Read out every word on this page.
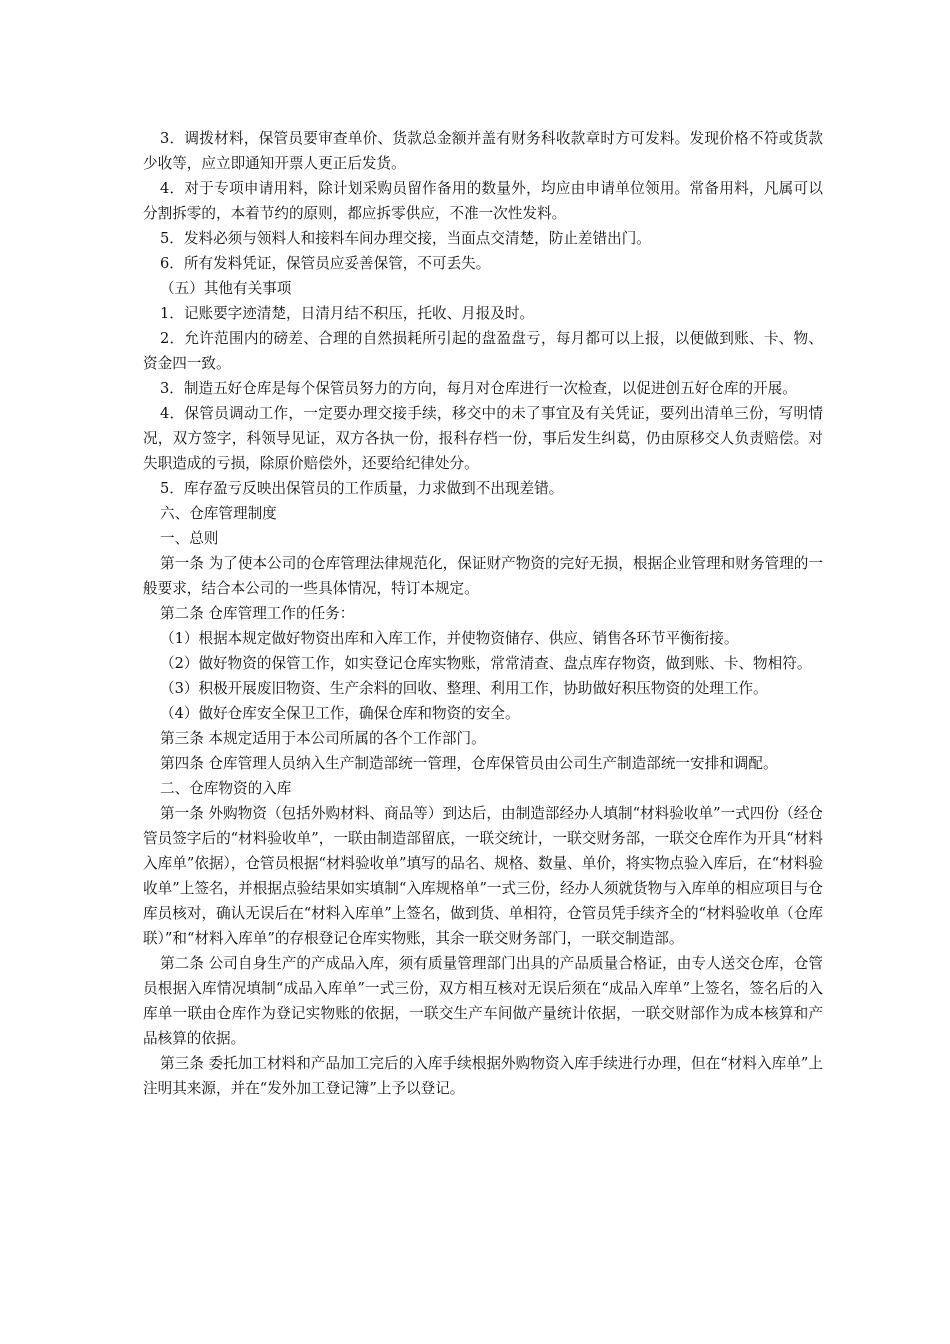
3．调拨材料，保管员要审查单价、货款总金额并盖有财务科收款章时方可发料。发现价格不符或货款少收等，应立即通知开票人更正后发货。

4．对于专项申请用料，除计划采购员留作备用的数量外，均应由申请单位领用。常备用料，凡属可以分割拆零的，本着节约的原则，都应拆零供应，不准一次性发料。

5．发料必须与领料人和接料车间办理交接，当面点交清楚，防止差错出门。

6．所有发料凭证，保管员应妥善保管，不可丢失。

（五）其他有关事项

1．记账要字迹清楚，日清月结不积压，托收、月报及时。

2．允许范围内的磅差、合理的自然损耗所引起的盘盈盘亏，每月都可以上报，以便做到账、卡、物、资金四一致。

3．制造五好仓库是每个保管员努力的方向，每月对仓库进行一次检查，以促进创五好仓库的开展。

4．保管员调动工作，一定要办理交接手续，移交中的未了事宜及有关凭证，要列出清单三份，写明情况，双方签字，科领导见证，双方各执一份，报科存档一份，事后发生纠葛，仍由原移交人负责赔偿。对失职造成的亏损，除原价赔偿外，还要给纪律处分。

5．库存盈亏反映出保管员的工作质量，力求做到不出现差错。

六、仓库管理制度

一、总则

第一条 为了使本公司的仓库管理法律规范化，保证财产物资的完好无损，根据企业管理和财务管理的一般要求，结合本公司的一些具体情况，特订本规定。

第二条 仓库管理工作的任务：

（1）根据本规定做好物资出库和入库工作，并使物资储存、供应、销售各环节平衡衔接。

（2）做好物资的保管工作，如实登记仓库实物账，常常清查、盘点库存物资，做到账、卡、物相符。

（3）积极开展废旧物资、生产余料的回收、整理、利用工作，协助做好积压物资的处理工作。

（4）做好仓库安全保卫工作，确保仓库和物资的安全。

第三条 本规定适用于本公司所属的各个工作部门。

第四条 仓库管理人员纳入生产制造部统一管理，仓库保管员由公司生产制造部统一安排和调配。

二、仓库物资的入库

第一条 外购物资（包括外购材料、商品等）到达后，由制造部经办人填制“材料验收单”一式四份（经仓管员签字后的“材料验收单”，一联由制造部留底，一联交统计，一联交财务部，一联交仓库作为开具“材料入库单”依据），仓管员根据“材料验收单”填写的品名、规格、数量、单价，将实物点验入库后，在“材料验收单”上签名，并根据点验结果如实填制“入库规格单”一式三份，经办人须就货物与入库单的相应项目与仓库员核对，确认无误后在“材料入库单”上签名，做到货、单相符，仓管员凭手续齐全的“材料验收单（仓库联）”和“材料入库单”的存根登记仓库实物账，其余一联交财务部门，一联交制造部。

第二条 公司自身生产的产成品入库，须有质量管理部门出具的产品质量合格证，由专人送交仓库，仓管员根据入库情况填制“成品入库单”一式三份，双方相互核对无误后须在“成品入库单”上签名，签名后的入库单一联由仓库作为登记实物账的依据，一联交生产车间做产量统计依据，一联交财部作为成本核算和产品核算的依据。

第三条 委托加工材料和产品加工完后的入库手续根据外购物资入库手续进行办理，但在“材料入库单”上注明其来源，并在“发外加工登记簿”上予以登记。
